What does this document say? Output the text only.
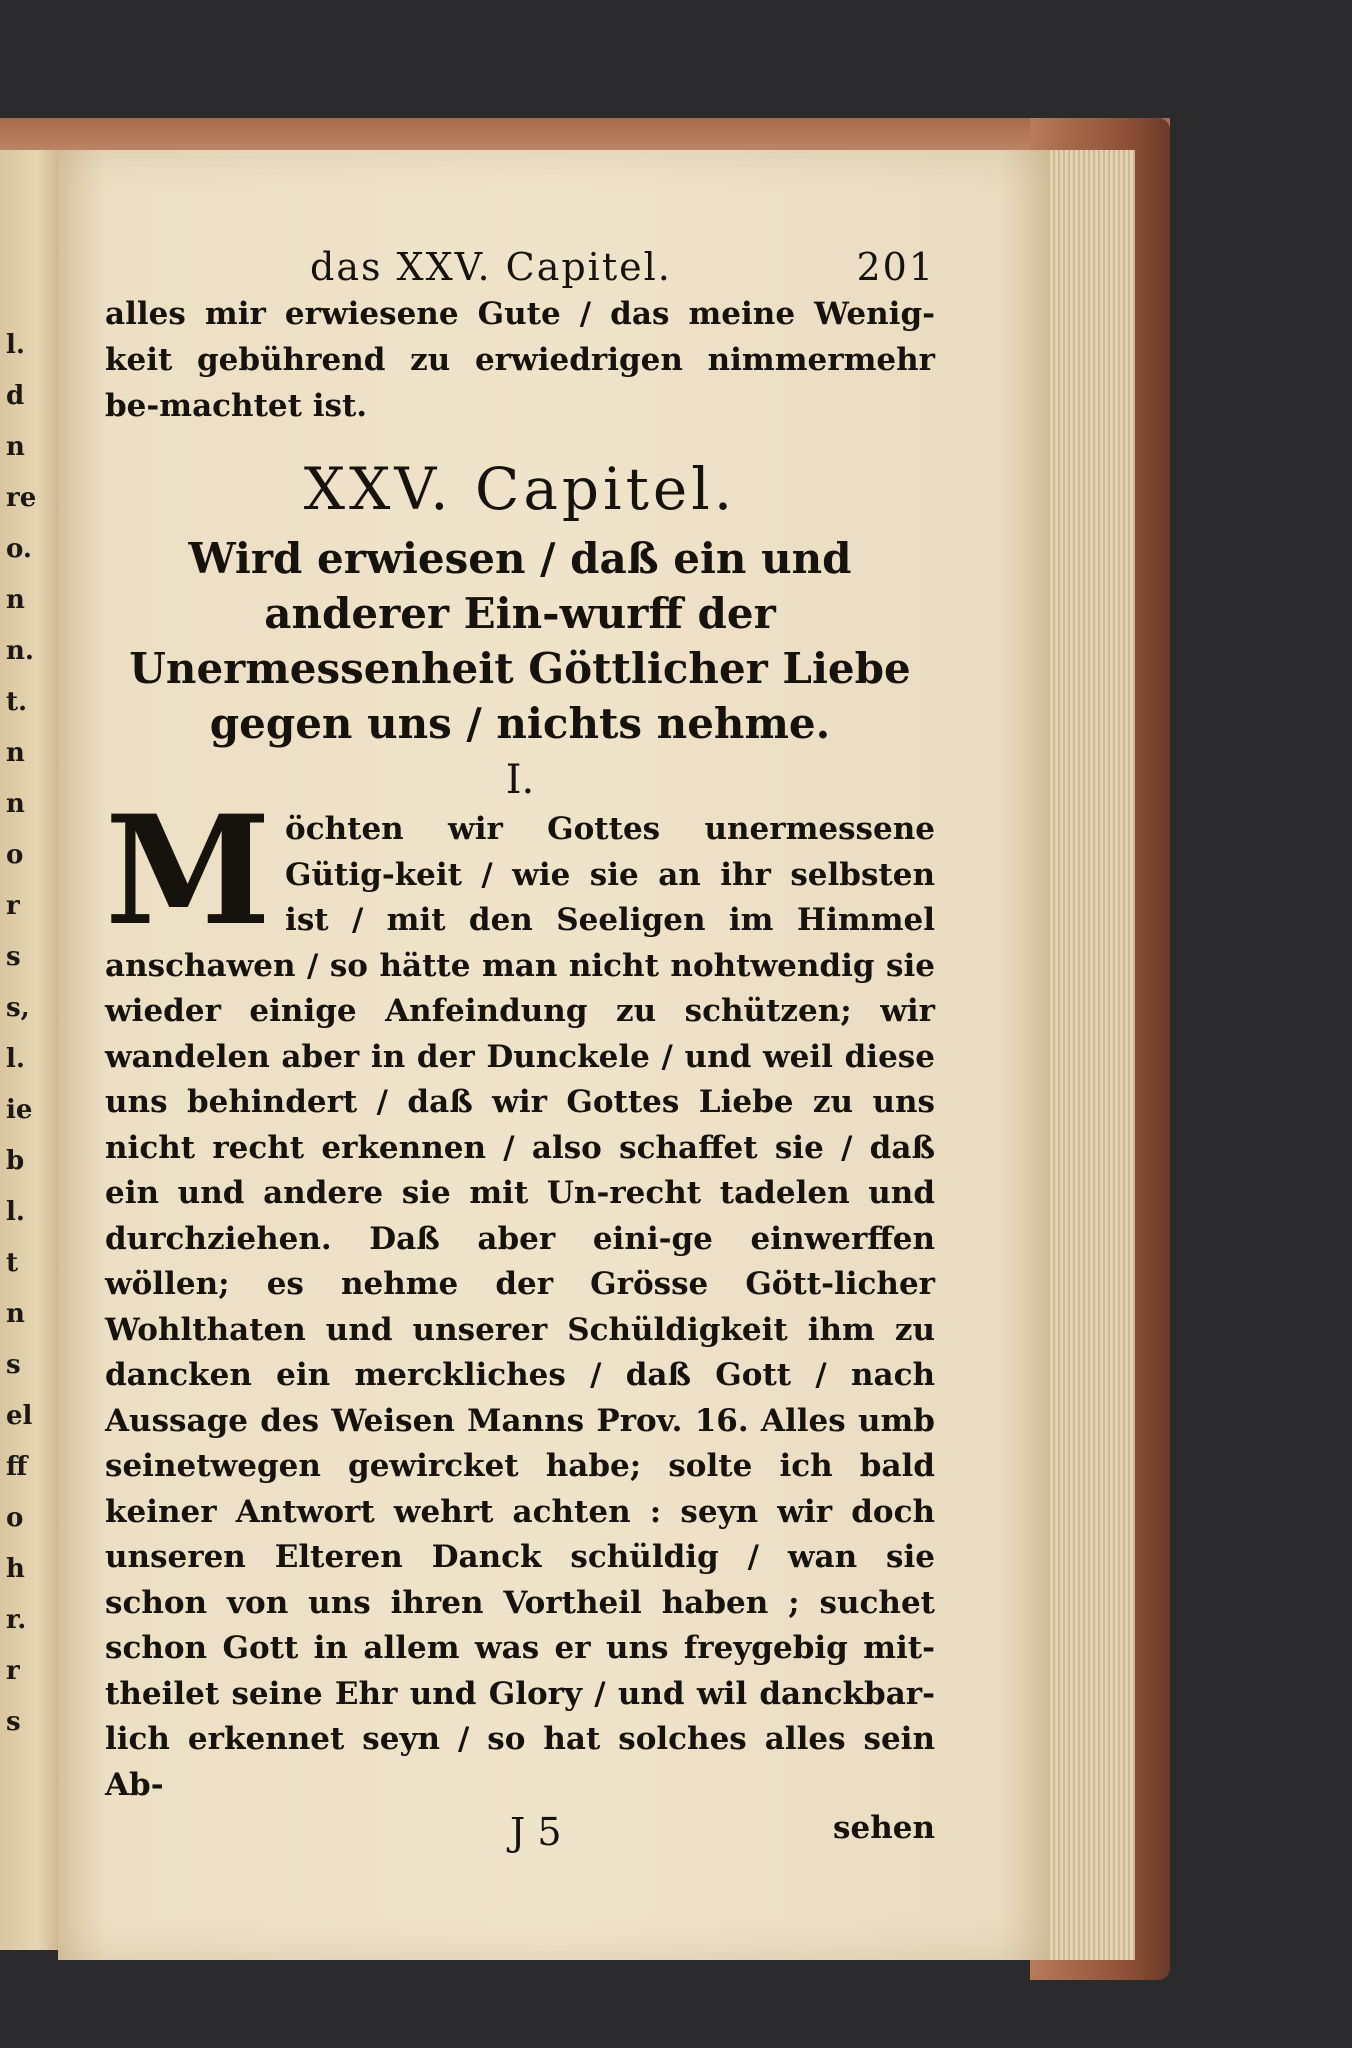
l.
d
n
re
o.
n
n.
t.
n
n
o
r
s
s,
l.
ie
b
l.
t
n
s
el
ff
o
h
r.
r
s
das XXV. Capitel.	201

alles mir erwiesene Gute / das meine Wenig-keit gebührend zu erwiedrigen nimmermehr be-machtet ist.

XXV. Capitel.

Wird erwiesen / daß ein und anderer Ein-wurff der Unermessenheit Göttlicher Liebe gegen uns / nichts nehme.

I.
M öchten wir Gottes unermessene Gütig-keit / wie sie an ihr selbsten ist / mit den Seeligen im Himmel anschawen / so hätte man nicht nohtwendig sie wieder einige Anfeindung zu schützen; wir wandelen aber in der Dunckele / und weil diese uns behindert / daß wir Gottes Liebe zu uns nicht recht erkennen / also schaffet sie / daß ein und andere sie mit Un-recht tadelen und durchziehen. Daß aber eini-ge einwerffen wöllen; es nehme der Grösse Gött-licher Wohlthaten und unserer Schüldigkeit ihm zu dancken ein merckliches / daß Gott / nach Aussage des Weisen Manns Prov. 16. Alles umb seinetwegen gewircket habe; solte ich bald keiner Antwort wehrt achten : seyn wir doch unseren Elteren Danck schüldig / wan sie schon von uns ihren Vortheil haben ; suchet schon Gott in allem was er uns freygebig mit-theilet seine Ehr und Glory / und wil danckbar-lich erkennet seyn / so hat solches alles sein Ab-
J 5	sehen
